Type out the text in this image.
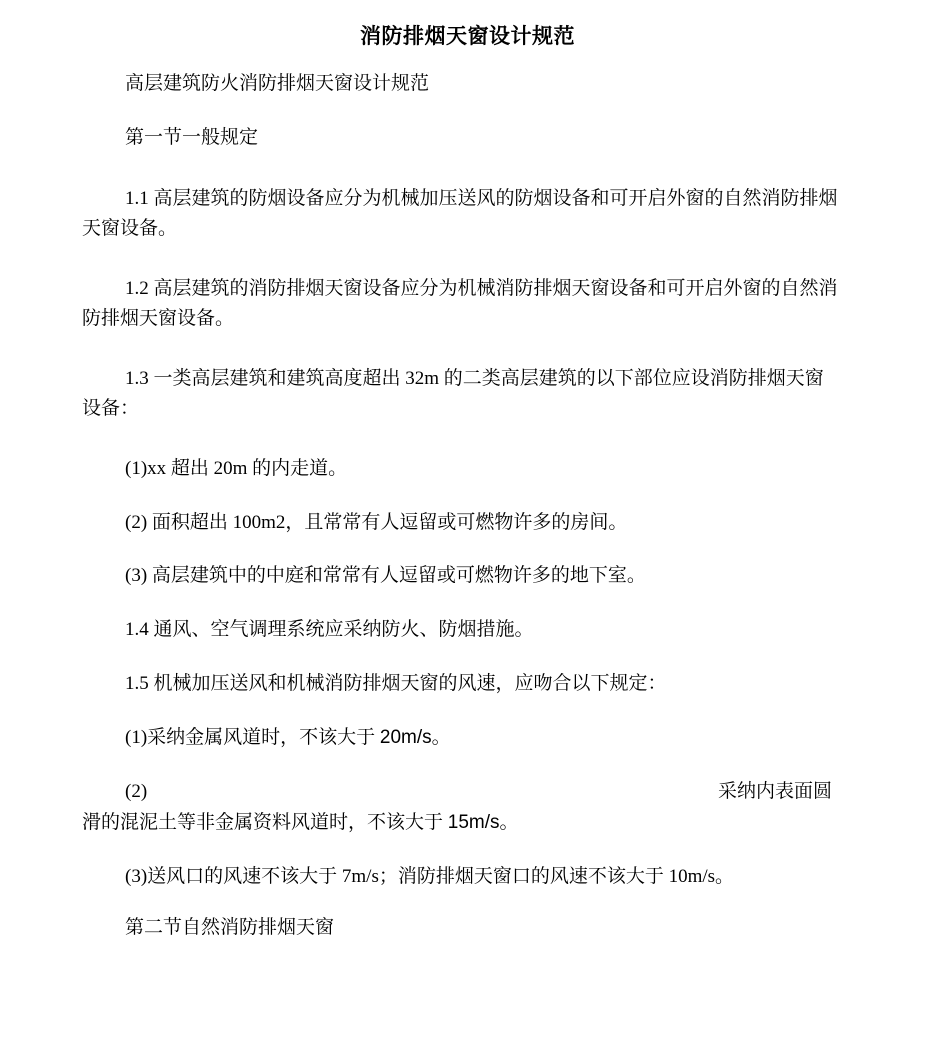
消防排烟天窗设计规范

高层建筑防火消防排烟天窗设计规范

第一节一般规定

1.1 高层建筑的防烟设备应分为机械加压送风的防烟设备和可开启外窗的自然消防排烟天窗设备。

1.2 高层建筑的消防排烟天窗设备应分为机械消防排烟天窗设备和可开启外窗的自然消防排烟天窗设备。

1.3 一类高层建筑和建筑高度超出 32m 的二类高层建筑的以下部位应设消防排烟天窗设备：

(1)xx 超出 20m 的内走道。

(2) 面积超出 100m2，且常常有人逗留或可燃物许多的房间。

(3) 高层建筑中的中庭和常常有人逗留或可燃物许多的地下室。

1.4 通风、空气调理系统应采纳防火、防烟措施。

1.5 机械加压送风和机械消防排烟天窗的风速，应吻合以下规定：

(1)采纳金属风道时，不该大于 20m/s。

(2)	采纳内表面圆

滑的混泥土等非金属资料风道时，不该大于 15m/s。

(3)送风口的风速不该大于 7m/s；消防排烟天窗口的风速不该大于 10m/s。

第二节自然消防排烟天窗
